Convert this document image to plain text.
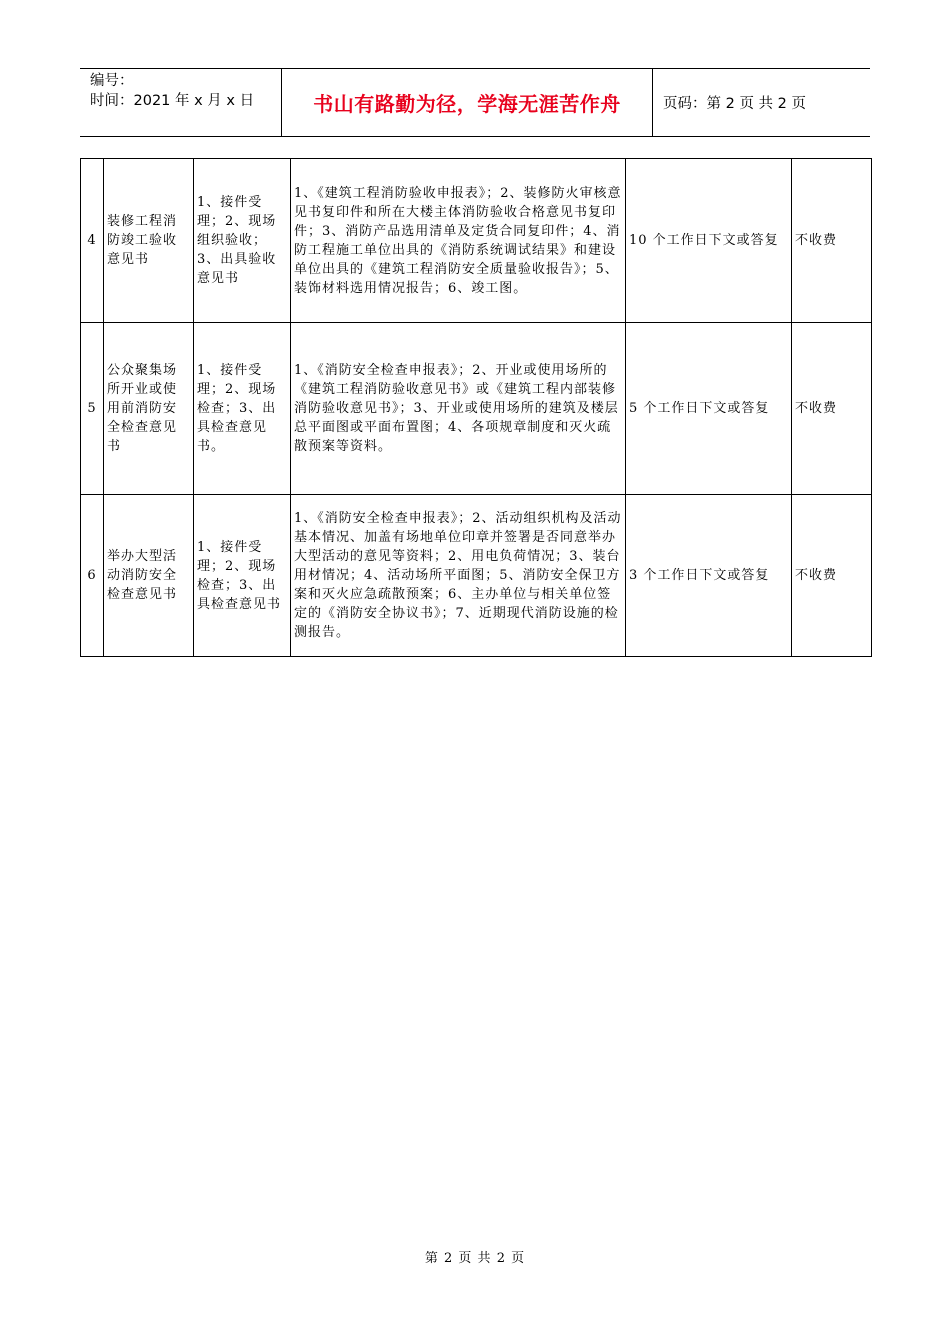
编号：
时间：2021 年 x 月 x 日	书山有路勤为径，学海无涯苦作舟	页码：第 2 页 共 2 页
4	装修工程消防竣工验收意见书	1、接件受理；2、现场组织验收；3、出具验收意见书	1、《建筑工程消防验收申报表》；2、装修防火审核意见书复印件和所在大楼主体消防验收合格意见书复印件；3、消防产品选用清单及定货合同复印件；4、消防工程施工单位出具的《消防系统调试结果》和建设单位出具的《建筑工程消防安全质量验收报告》；5、装饰材料选用情况报告；6、竣工图。	10 个工作日下文或答复	不收费
5	公众聚集场所开业或使用前消防安全检查意见书	1、接件受理；2、现场检查；3、出具检查意见书。	1、《消防安全检查申报表》；2、开业或使用场所的《建筑工程消防验收意见书》或《建筑工程内部装修消防验收意见书》；3、开业或使用场所的建筑及楼层总平面图或平面布置图；4、各项规章制度和灭火疏散预案等资料。	5 个工作日下文或答复	不收费
6	举办大型活动消防安全检查意见书	1、接件受理；2、现场检查；3、出具检查意见书	1、《消防安全检查申报表》；2、活动组织机构及活动基本情况、加盖有场地单位印章并签署是否同意举办大型活动的意见等资料；2、用电负荷情况；3、装台用材情况；4、活动场所平面图；5、消防安全保卫方案和灭火应急疏散预案；6、主办单位与相关单位签定的《消防安全协议书》；7、近期现代消防设施的检测报告。	3 个工作日下文或答复	不收费
第 2 页 共 2 页
